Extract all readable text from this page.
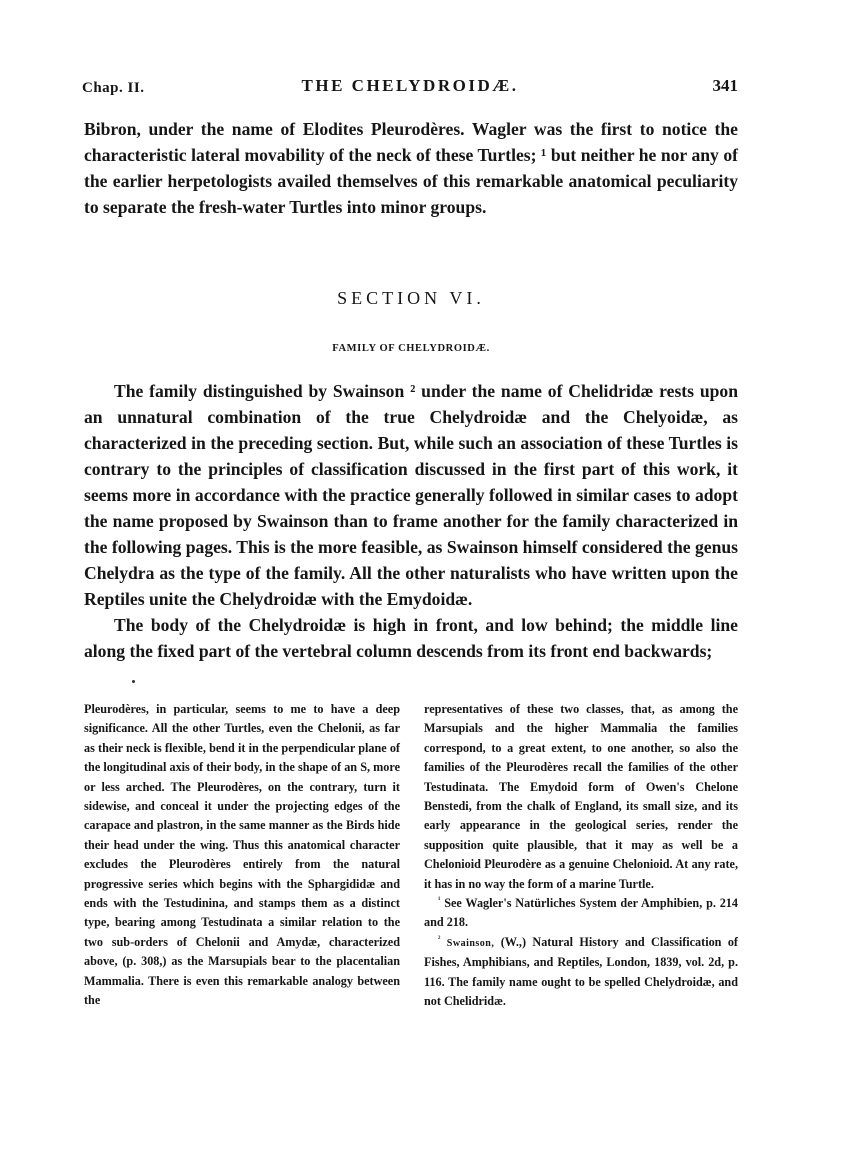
Chap. II.	THE CHELYDROIDÆ.	341

Bibron, under the name of Elodites Pleurodères. Wagler was the first to notice the characteristic lateral movability of the neck of these Turtles; ¹ but neither he nor any of the earlier herpetologists availed themselves of this remarkable anatomical peculiarity to separate the fresh-water Turtles into minor groups.

SECTION VI.
FAMILY OF CHELYDROIDÆ.

The family distinguished by Swainson ² under the name of Chelidridæ rests upon an unnatural combination of the true Chelydroidæ and the Chelyoidæ, as characterized in the preceding section. But, while such an association of these Turtles is contrary to the principles of classification discussed in the first part of this work, it seems more in accordance with the practice generally followed in similar cases to adopt the name proposed by Swainson than to frame another for the family characterized in the following pages. This is the more feasible, as Swainson himself considered the genus Chelydra as the type of the family. All the other naturalists who have written upon the Reptiles unite the Chelydroidæ with the Emydoidæ.

The body of the Chelydroidæ is high in front, and low behind; the middle line along the fixed part of the vertebral column descends from its front end backwards;

Pleurodères, in particular, seems to me to have a deep significance. All the other Turtles, even the Chelonii, as far as their neck is flexible, bend it in the perpendicular plane of the longitudinal axis of their body, in the shape of an S, more or less arched. The Pleurodères, on the contrary, turn it sidewise, and conceal it under the projecting edges of the carapace and plastron, in the same manner as the Birds hide their head under the wing. Thus this anatomical character excludes the Pleurodères entirely from the natural progressive series which begins with the Sphargididæ and ends with the Testudinina, and stamps them as a distinct type, bearing among Testudinata a similar relation to the two sub-orders of Chelonii and Amydæ, characterized above, (p. 308,) as the Marsupials bear to the placentalian Mammalia. There is even this remarkable analogy between the

representatives of these two classes, that, as among the Marsupials and the higher Mammalia the families correspond, to a great extent, to one another, so also the families of the Pleurodères recall the families of the other Testudinata. The Emydoid form of Owen's Chelone Benstedi, from the chalk of England, its small size, and its early appearance in the geological series, render the supposition quite plausible, that it may as well be a Chelonioid Pleurodère as a genuine Chelonioid. At any rate, it has in no way the form of a marine Turtle.

$^{^1}$ See Wagler's Natürliches System der Amphibien, p. 214 and 218.

$^{^2}$ Swainson, (W.,) Natural History and Classification of Fishes, Amphibians, and Reptiles, London, 1839, vol. 2d, p. 116. The family name ought to be spelled Chelydroidæ, and not Chelidridæ.
